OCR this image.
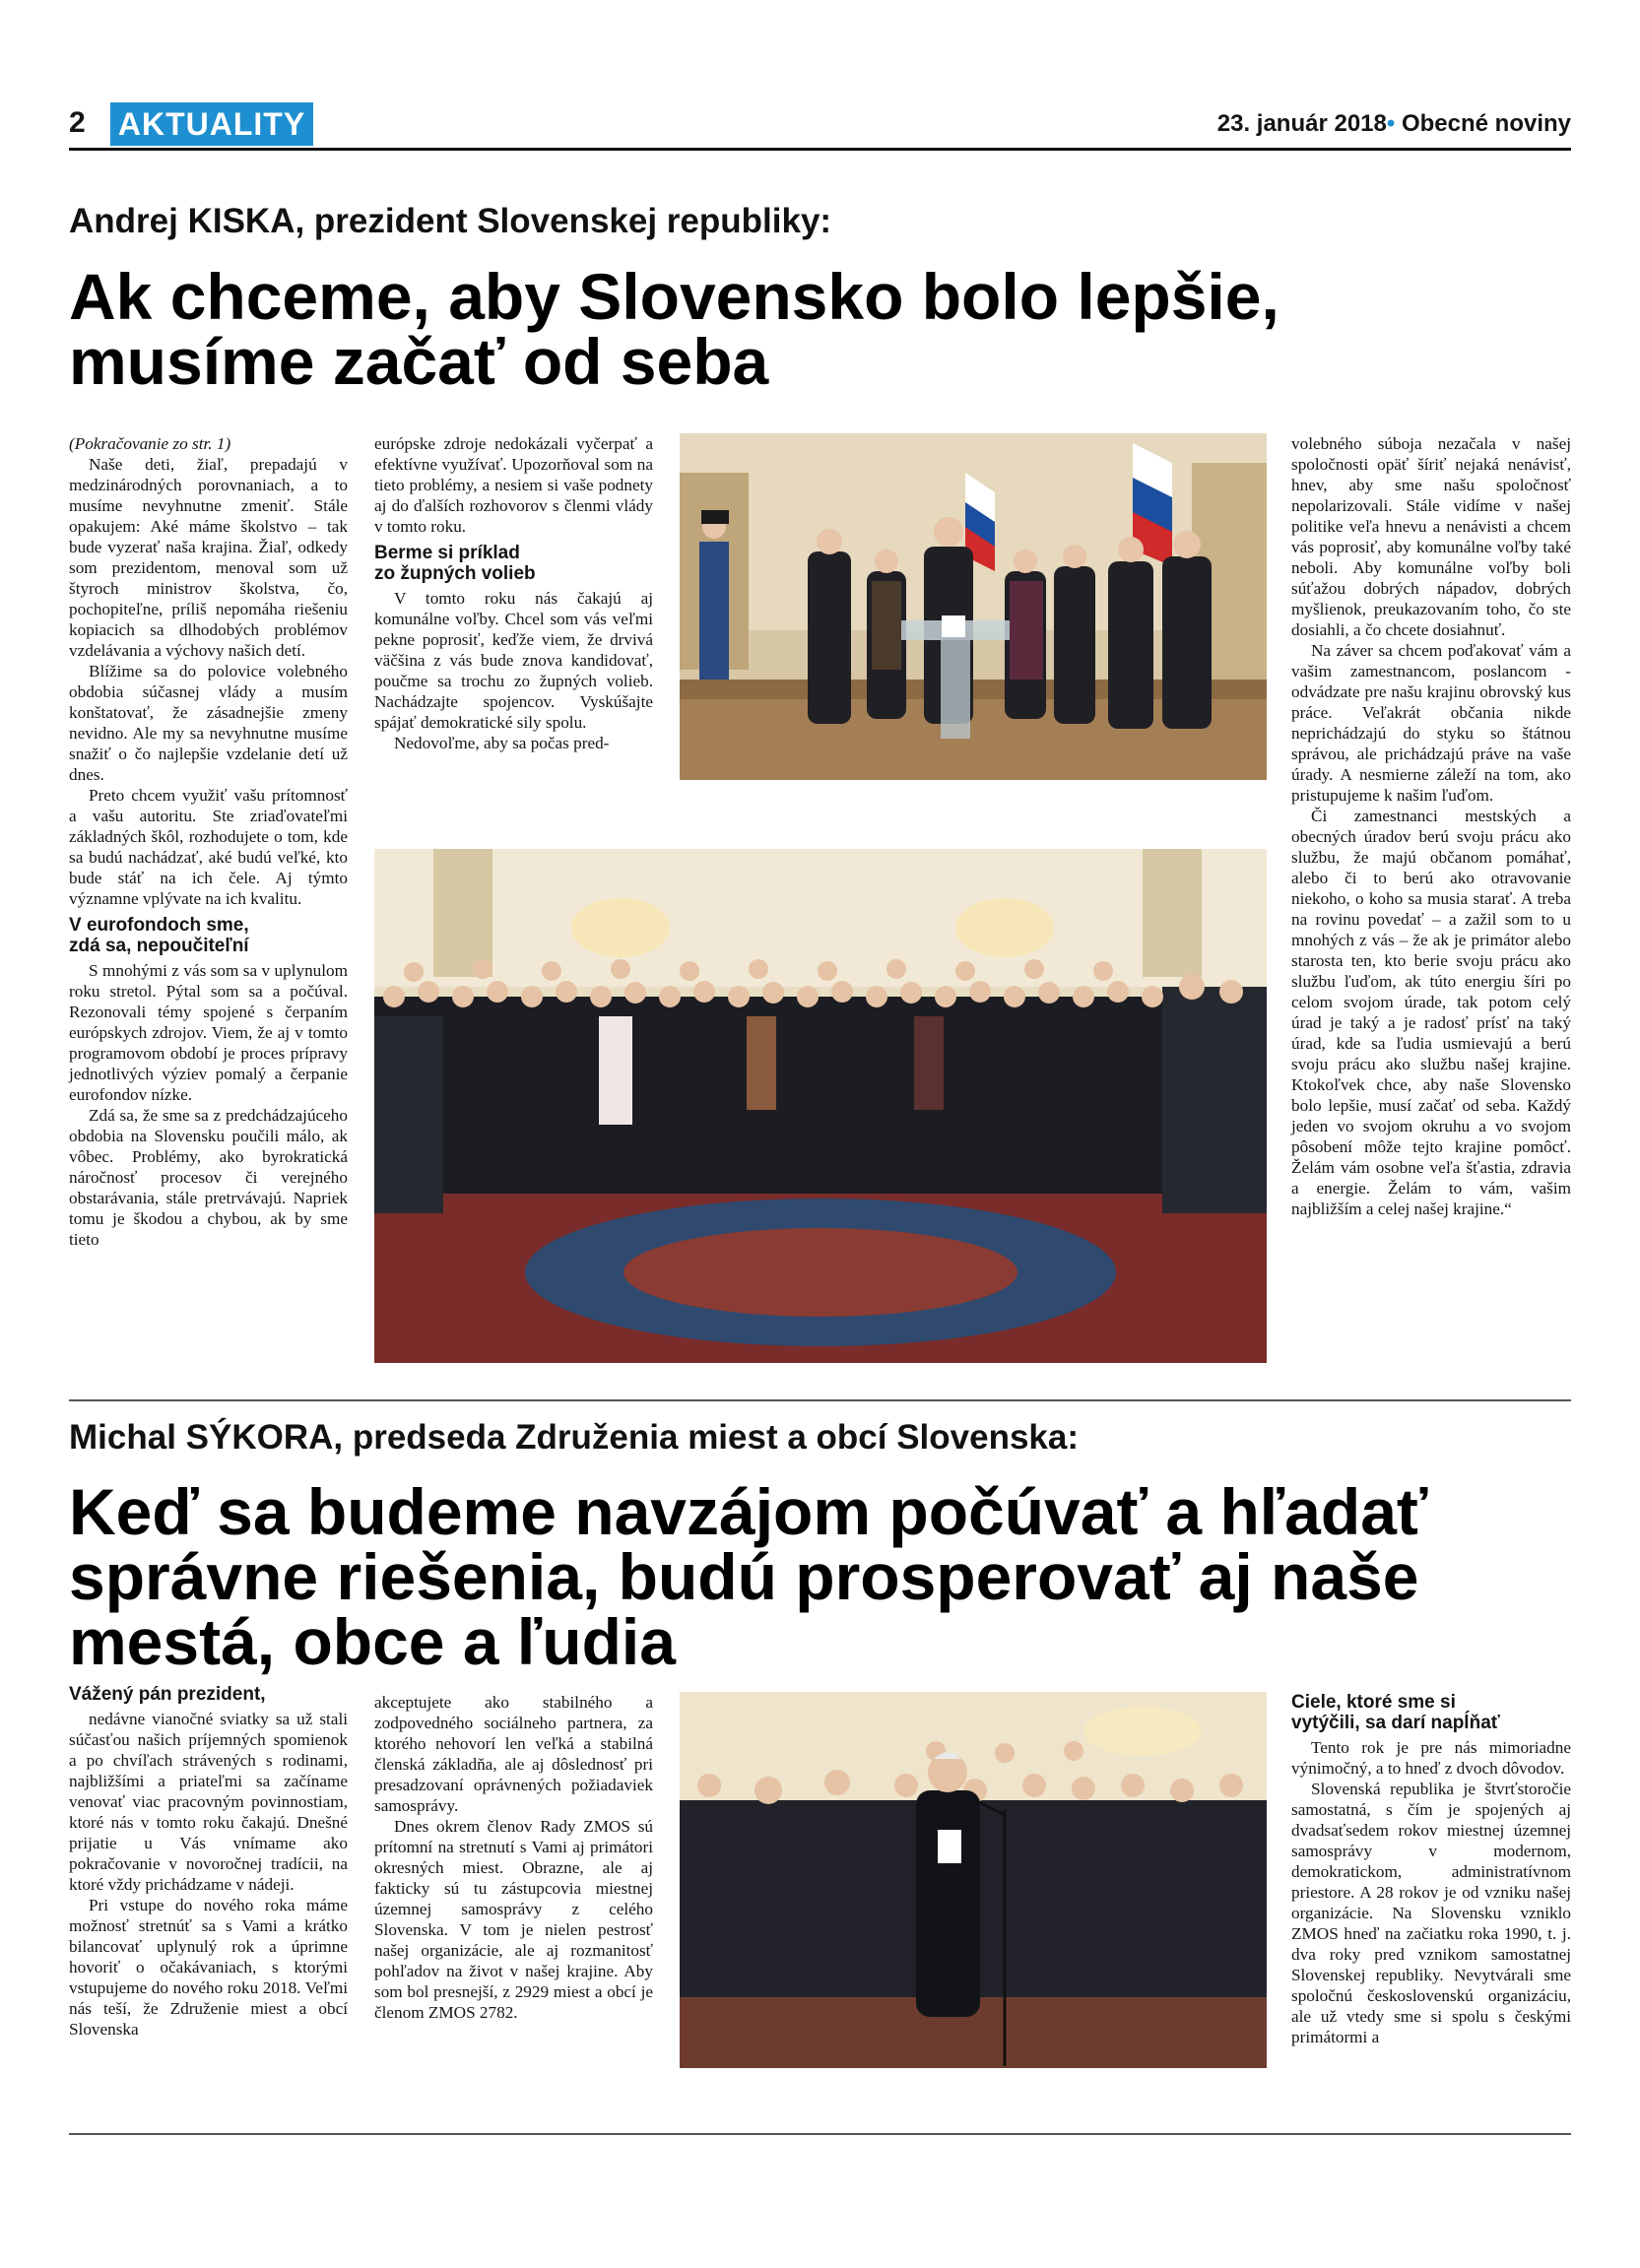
2 AKTUALITY	23. január 2018• Obecné noviny
Andrej KISKA, prezident Slovenskej republiky:
Ak chceme, aby Slovensko bolo lepšie,
musíme začať od seba

(Pokračovanie zo str. 1)

Naše deti, žiaľ, prepadajú v medzinárodných porovnaniach, a to musíme nevyhnutne zmeniť. Stále opakujem: Aké máme školstvo – tak bude vyzerať naša krajina. Žiaľ, odkedy som prezidentom, menoval som už štyroch ministrov školstva, čo, pochopiteľne, príliš nepomáha riešeniu kopiacich sa dlhodobých problémov vzdelávania a výchovy našich detí.

Blížime sa do polovice volebného obdobia súčasnej vlády a musím konštatovať, že zásadnejšie zmeny nevidno. Ale my sa nevyhnutne musíme snažiť o čo najlepšie vzdelanie detí už dnes.

Preto chcem využiť vašu prítomnosť a vašu autoritu. Ste zriaďovateľmi základných škôl, rozhodujete o tom, kde sa budú nachádzať, aké budú veľké, kto bude stáť na ich čele. Aj týmto významne vplývate na ich kvalitu.

V eurofondoch sme,
zdá sa, nepoučiteľní

S mnohými z vás som sa v uplynulom roku stretol. Pýtal som sa a počúval. Rezonovali témy spojené s čerpaním európskych zdrojov. Viem, že aj v tomto programovom období je proces prípravy jednotlivých výziev pomalý a čerpanie eurofondov nízke.

Zdá sa, že sme sa z predchádzajúceho obdobia na Slovensku poučili málo, ak vôbec. Problémy, ako byrokratická náročnosť procesov či verejného obstarávania, stále pretrvávajú. Napriek tomu je škodou a chybou, ak by sme tieto

európske zdroje nedokázali vyčerpať a efektívne využívať. Upozorňoval som na tieto problémy, a nesiem si vaše podnety aj do ďalších rozhovorov s členmi vlády v tomto roku.

Berme si príklad
zo župných volieb

V tomto roku nás čakajú aj komunálne voľby. Chcel som vás veľmi pekne poprosiť, keďže viem, že drvivá väčšina z vás bude znova kandidovať, poučme sa trochu zo župných volieb. Nachádzajte spojencov. Vyskúšajte spájať demokratické sily spolu.

Nedovoľme, aby sa počas pred-

volebného súboja nezačala v našej spoločnosti opäť šíriť nejaká nenávisť, hnev, aby sme našu spoločnosť nepolarizovali. Stále vidíme v našej politike veľa hnevu a nenávisti a chcem vás poprosiť, aby komunálne voľby také neboli. Aby komunálne voľby boli súťažou dobrých nápadov, dobrých myšlienok, preukazovaním toho, čo ste dosiahli, a čo chcete dosiahnuť.

Na záver sa chcem poďakovať vám a vašim zamestnancom, poslancom - odvádzate pre našu krajinu obrovský kus práce. Veľakrát občania nikde neprichádzajú do styku so štátnou správou, ale prichádzajú práve na vaše úrady. A nesmierne záleží na tom, ako pristupujeme k našim ľuďom.

Či zamestnanci mestských a obecných úradov berú svoju prácu ako službu, že majú občanom pomáhať, alebo či to berú ako otravovanie niekoho, o koho sa musia starať. A treba na rovinu povedať – a zažil som to u mnohých z vás – že ak je primátor alebo starosta ten, kto berie svoju prácu ako službu ľuďom, ak túto energiu šíri po celom svojom úrade, tak potom celý úrad je taký a je radosť prísť na taký úrad, kde sa ľudia usmievajú a berú svoju prácu ako službu našej krajine. Ktokoľvek chce, aby naše Slovensko bolo lepšie, musí začať od seba. Každý jeden vo svojom okruhu a vo svojom pôsobení môže tejto krajine pomôcť. Želám vám osobne veľa šťastia, zdravia a energie. Želám to vám, vašim najbližším a celej našej krajine.“

Michal SÝKORA, predseda Združenia miest a obcí Slovenska:
Keď sa budeme navzájom počúvať a hľadať
správne riešenia, budú prosperovať aj naše
mestá, obce a ľudia
Vážený pán prezident,

nedávne vianočné sviatky sa už stali súčasťou našich príjemných spomienok a po chvíľach strávených s rodinami, najbližšími a priateľmi sa začíname venovať viac pracovným povinnostiam, ktoré nás v tomto roku čakajú. Dnešné prijatie u Vás vnímame ako pokračovanie v novoročnej tradícii, na ktoré vždy prichádzame v nádeji.

Pri vstupe do nového roka máme možnosť stretnúť sa s Vami a krátko bilancovať uplynulý rok a úprimne hovoriť o očakávaniach, s ktorými vstupujeme do nového roku 2018. Veľmi nás teší, že Združenie miest a obcí Slovenska

akceptujete ako stabilného a zodpovedného sociálneho partnera, za ktorého nehovorí len veľká a stabilná členská základňa, ale aj dôslednosť pri presadzovaní oprávnených požiadaviek samosprávy.

Dnes okrem členov Rady ZMOS sú prítomní na stretnutí s Vami aj primátori okresných miest. Obrazne, ale aj fakticky sú tu zástupcovia miestnej územnej samosprávy z celého Slovenska. V tom je nielen pestrosť našej organizácie, ale aj rozmanitosť pohľadov na život v našej krajine. Aby som bol presnejší, z 2929 miest a obcí je členom ZMOS 2782.

Ciele, ktoré sme si
vytýčili, sa darí napĺňať

Tento rok je pre nás mimoriadne výnimočný, a to hneď z dvoch dôvodov.

Slovenská republika je štvrťstoročie samostatná, s čím je spojených aj dvadsaťsedem rokov miestnej územnej samosprávy v modernom, demokratickom, administratívnom priestore. A 28 rokov je od vzniku našej organizácie. Na Slovensku vzniklo ZMOS hneď na začiatku roka 1990, t. j. dva roky pred vznikom samostatnej Slovenskej republiky. Nevytvárali sme spoločnú československú organizáciu, ale už vtedy sme si spolu s českými primátormi a
